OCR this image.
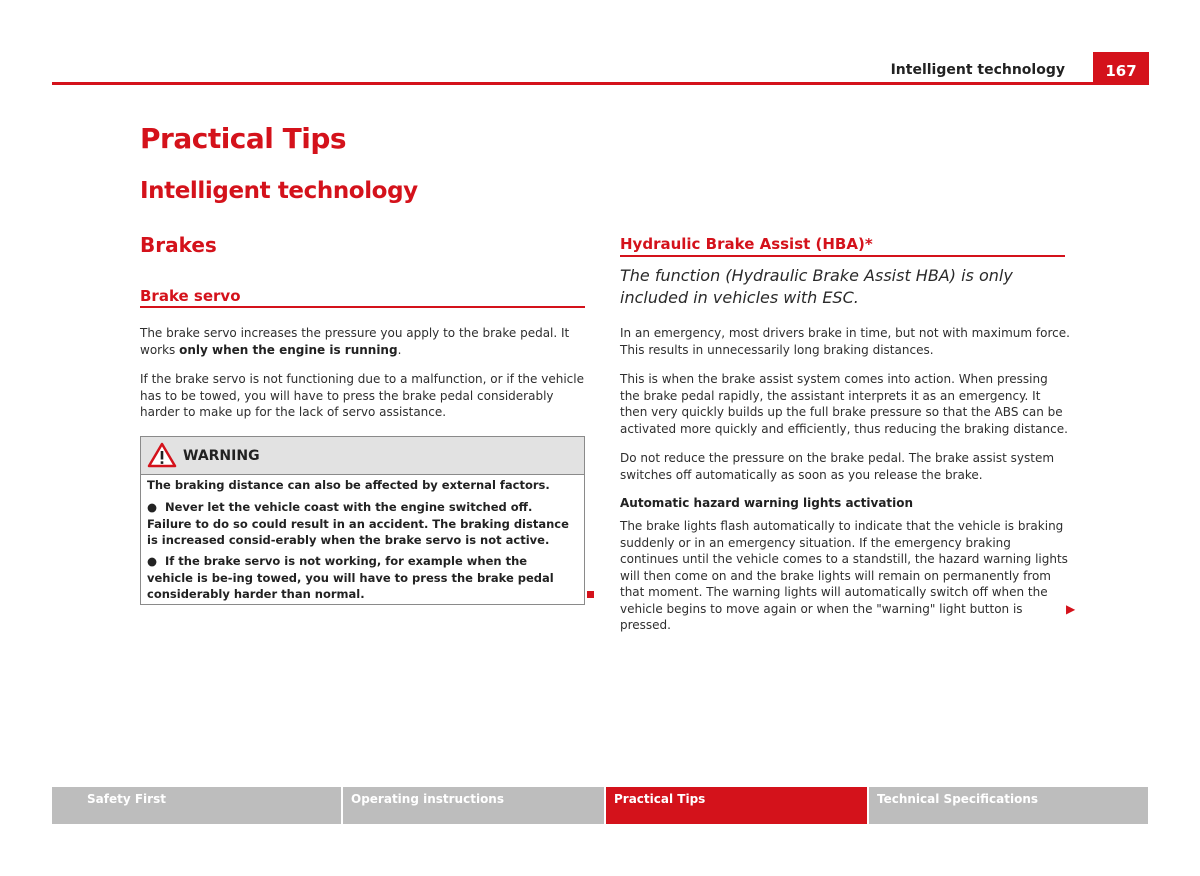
Intelligent technology	167
Practical Tips
Intelligent technology
Brakes
Brake servo

The brake servo increases the pressure you apply to the brake pedal. It works only when the engine is running.

If the brake servo is not functioning due to a malfunction, or if the vehicle has to be towed, you will have to press the brake pedal considerably harder to make up for the lack of servo assistance.

WARNING

The braking distance can also be affected by external factors.

● Never let the vehicle coast with the engine switched off. Failure to do so could result in an accident. The braking distance is increased consid-erably when the brake servo is not active.

● If the brake servo is not working, for example when the vehicle is be-ing towed, you will have to press the brake pedal considerably harder than normal.

Hydraulic Brake Assist (HBA)*
The function (Hydraulic Brake Assist HBA) is only included in vehicles with ESC.

In an emergency, most drivers brake in time, but not with maximum force. This results in unnecessarily long braking distances.

This is when the brake assist system comes into action. When pressing the brake pedal rapidly, the assistant interprets it as an emergency. It then very quickly builds up the full brake pressure so that the ABS can be activated more quickly and efficiently, thus reducing the braking distance.

Do not reduce the pressure on the brake pedal. The brake assist system switches off automatically as soon as you release the brake.

Automatic hazard warning lights activation

The brake lights flash automatically to indicate that the vehicle is braking suddenly or in an emergency situation. If the emergency braking continues until the vehicle comes to a standstill, the hazard warning lights will then come on and the brake lights will remain on permanently from that moment. The warning lights will automatically switch off when the vehicle begins to move again or when the "warning" light button is pressed.

▶
Safety First	Operating instructions	Practical Tips	Technical Specifications
